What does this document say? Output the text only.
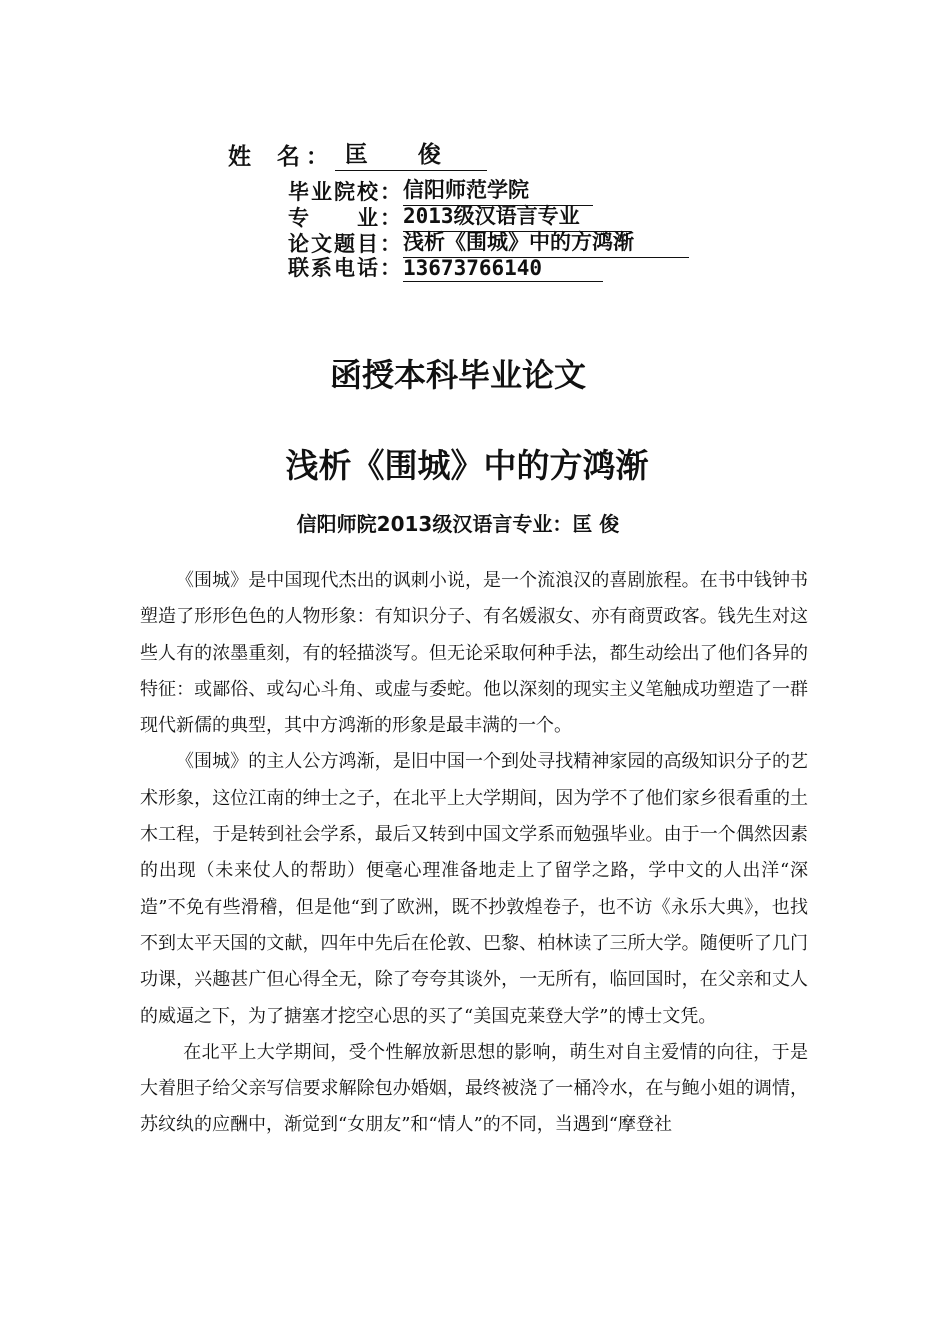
姓 名： 匡俊
毕业院校： 信阳师范学院
专　　业： 2013级汉语言专业
论文题目： 浅析《围城》中的方鸿渐
联系电话： 13673766140
函授本科毕业论文
浅析《围城》中的方鸿渐
信阳师院2013级汉语言专业：匡 俊

《围城》是中国现代杰出的讽刺小说，是一个流浪汉的喜剧旅程。在书中钱钟书塑造了形形色色的人物形象：有知识分子、有名媛淑女、亦有商贾政客。钱先生对这些人有的浓墨重刻，有的轻描淡写。但无论采取何种手法，都生动绘出了他们各异的特征：或鄙俗、或勾心斗角、或虚与委蛇。他以深刻的现实主义笔触成功塑造了一群现代新儒的典型，其中方鸿渐的形象是最丰满的一个。

《围城》的主人公方鸿渐，是旧中国一个到处寻找精神家园的高级知识分子的艺术形象，这位江南的绅士之子，在北平上大学期间，因为学不了他们家乡很看重的土木工程，于是转到社会学系，最后又转到中国文学系而勉强毕业。由于一个偶然因素的出现（未来仗人的帮助）便毫心理准备地走上了留学之路，学中文的人出洋“深造”不免有些滑稽，但是他“到了欧洲，既不抄敦煌卷子，也不访《永乐大典》，也找不到太平天国的文献，四年中先后在伦敦、巴黎、柏林读了三所大学。随便听了几门功课，兴趣甚广但心得全无，除了夸夸其谈外，一无所有，临回国时，在父亲和丈人的威逼之下，为了搪塞才挖空心思的买了“美国克莱登大学”的博士文凭。

在北平上大学期间，受个性解放新思想的影响，萌生对自主爱情的向往，于是大着胆子给父亲写信要求解除包办婚姻，最终被浇了一桶冷水，在与鲍小姐的调情，苏纹纨的应酬中，渐觉到“女朋友”和“情人”的不同，当遇到“摩登社
